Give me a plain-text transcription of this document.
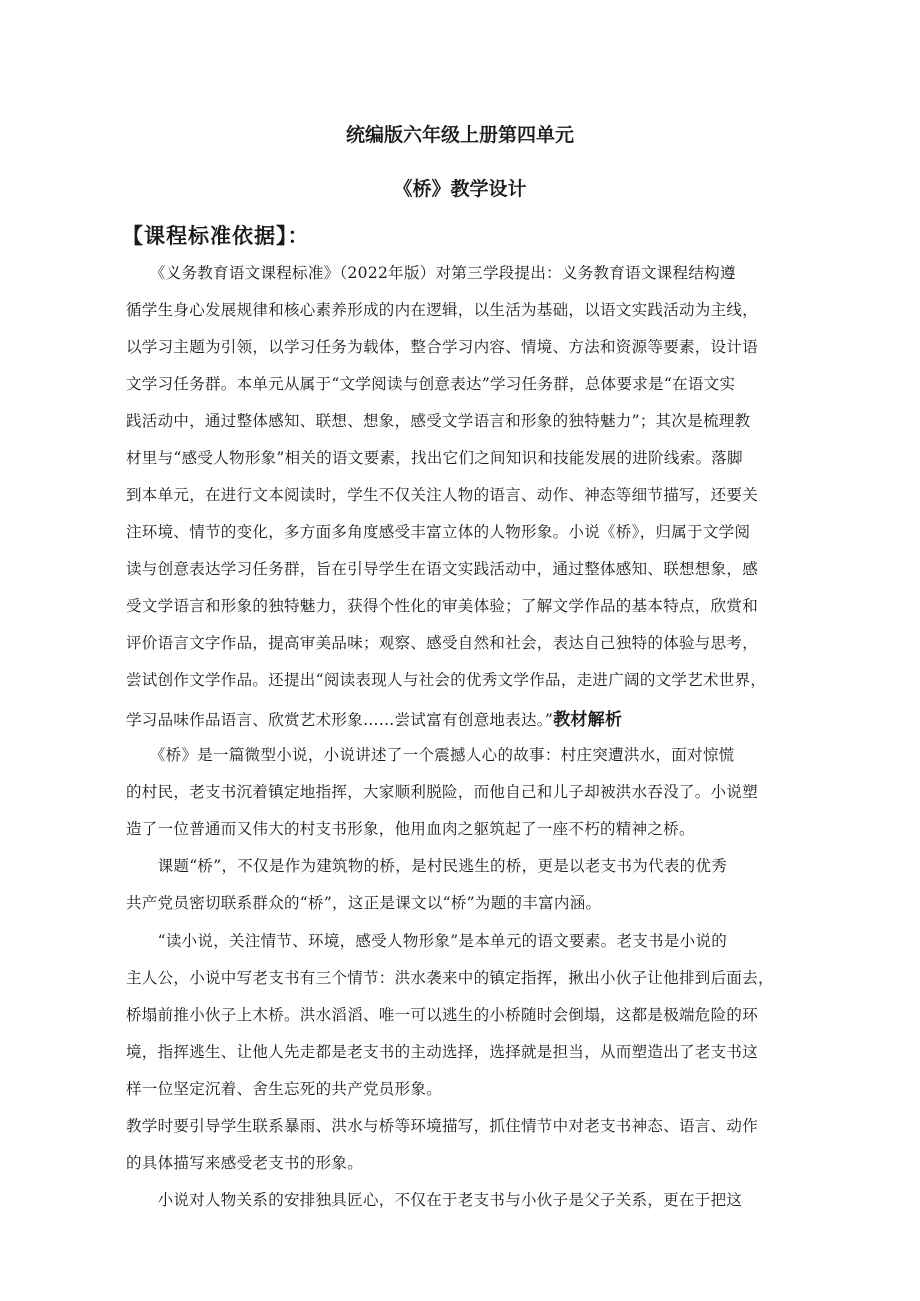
统编版六年级上册第四单元
《桥》教学设计
【课程标准依据】：
　　《义务教育语文课程标准》（2022年版）对第三学段提出：义务教育语文课程结构遵
循学生身心发展规律和核心素养形成的内在逻辑，以生活为基础，以语文实践活动为主线，
以学习主题为引领，以学习任务为载体，整合学习内容、情境、方法和资源等要素，设计语
文学习任务群。本单元从属于“文学阅读与创意表达”学习任务群，总体要求是“在语文实
践活动中，通过整体感知、联想、想象，感受文学语言和形象的独特魅力”；其次是梳理教
材里与“感受人物形象”相关的语文要素，找出它们之间知识和技能发展的进阶线索。落脚
到本单元，在进行文本阅读时，学生不仅关注人物的语言、动作、神态等细节描写，还要关
注环境、情节的变化，多方面多角度感受丰富立体的人物形象。小说《桥》，归属于文学阅
读与创意表达学习任务群，旨在引导学生在语文实践活动中，通过整体感知、联想想象，感
受文学语言和形象的独特魅力，获得个性化的审美体验；了解文学作品的基本特点，欣赏和
评价语言文字作品，提高审美品味；观察、感受自然和社会，表达自己独特的体验与思考，
尝试创作文学作品。还提出“阅读表现人与社会的优秀文学作品，走进广阔的文学艺术世界，
学习品味作品语言、欣赏艺术形象……尝试富有创意地表达。”教材解析
　　《桥》是一篇微型小说，小说讲述了一个震撼人心的故事：村庄突遭洪水，面对惊慌
的村民，老支书沉着镇定地指挥，大家顺利脱险，而他自己和儿子却被洪水吞没了。小说塑
造了一位普通而又伟大的村支书形象，他用血肉之躯筑起了一座不朽的精神之桥。
　　课题“桥”，不仅是作为建筑物的桥，是村民逃生的桥，更是以老支书为代表的优秀
共产党员密切联系群众的“桥”，这正是课文以“桥”为题的丰富内涵。
　　“读小说，关注情节、环境，感受人物形象”是本单元的语文要素。老支书是小说的
主人公，小说中写老支书有三个情节：洪水袭来中的镇定指挥，揪出小伙子让他排到后面去，
桥塌前推小伙子上木桥。洪水滔滔、唯一可以逃生的小桥随时会倒塌，这都是极端危险的环
境，指挥逃生、让他人先走都是老支书的主动选择，选择就是担当，从而塑造出了老支书这
样一位坚定沉着、舍生忘死的共产党员形象。
教学时要引导学生联系暴雨、洪水与桥等环境描写，抓住情节中对老支书神态、语言、动作
的具体描写来感受老支书的形象。
　　小说对人物关系的安排独具匠心，不仅在于老支书与小伙子是父子关系，更在于把这
